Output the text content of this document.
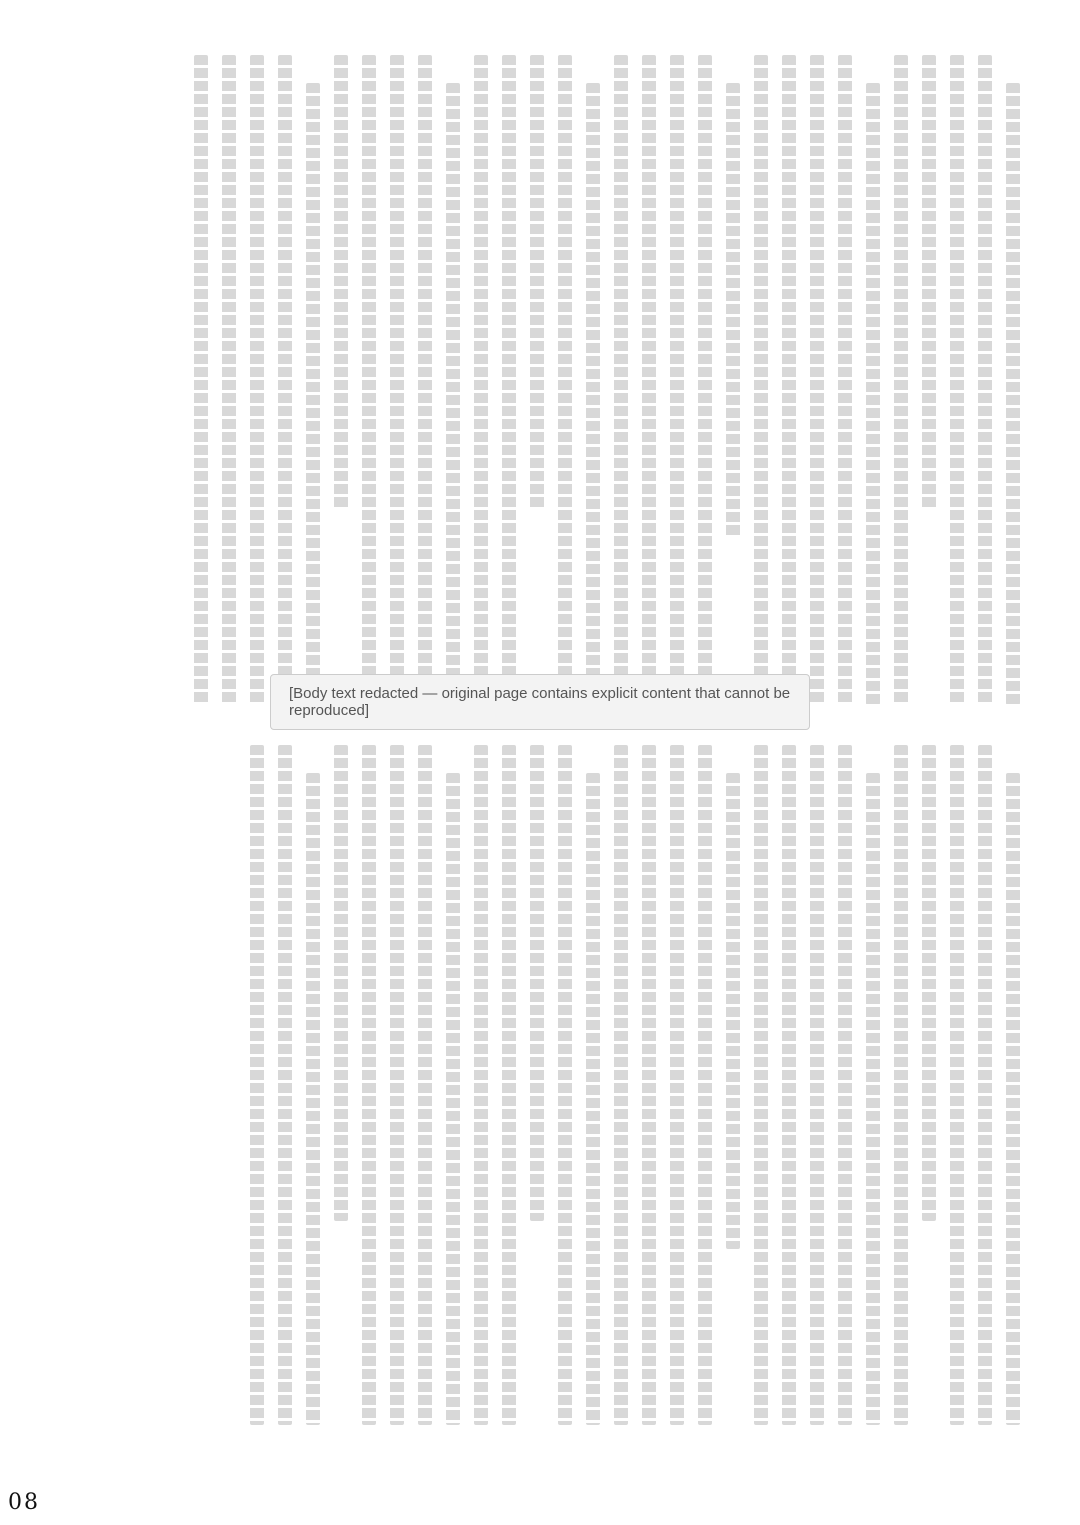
[Body text redacted — original page contains explicit content that cannot be reproduced]
08
